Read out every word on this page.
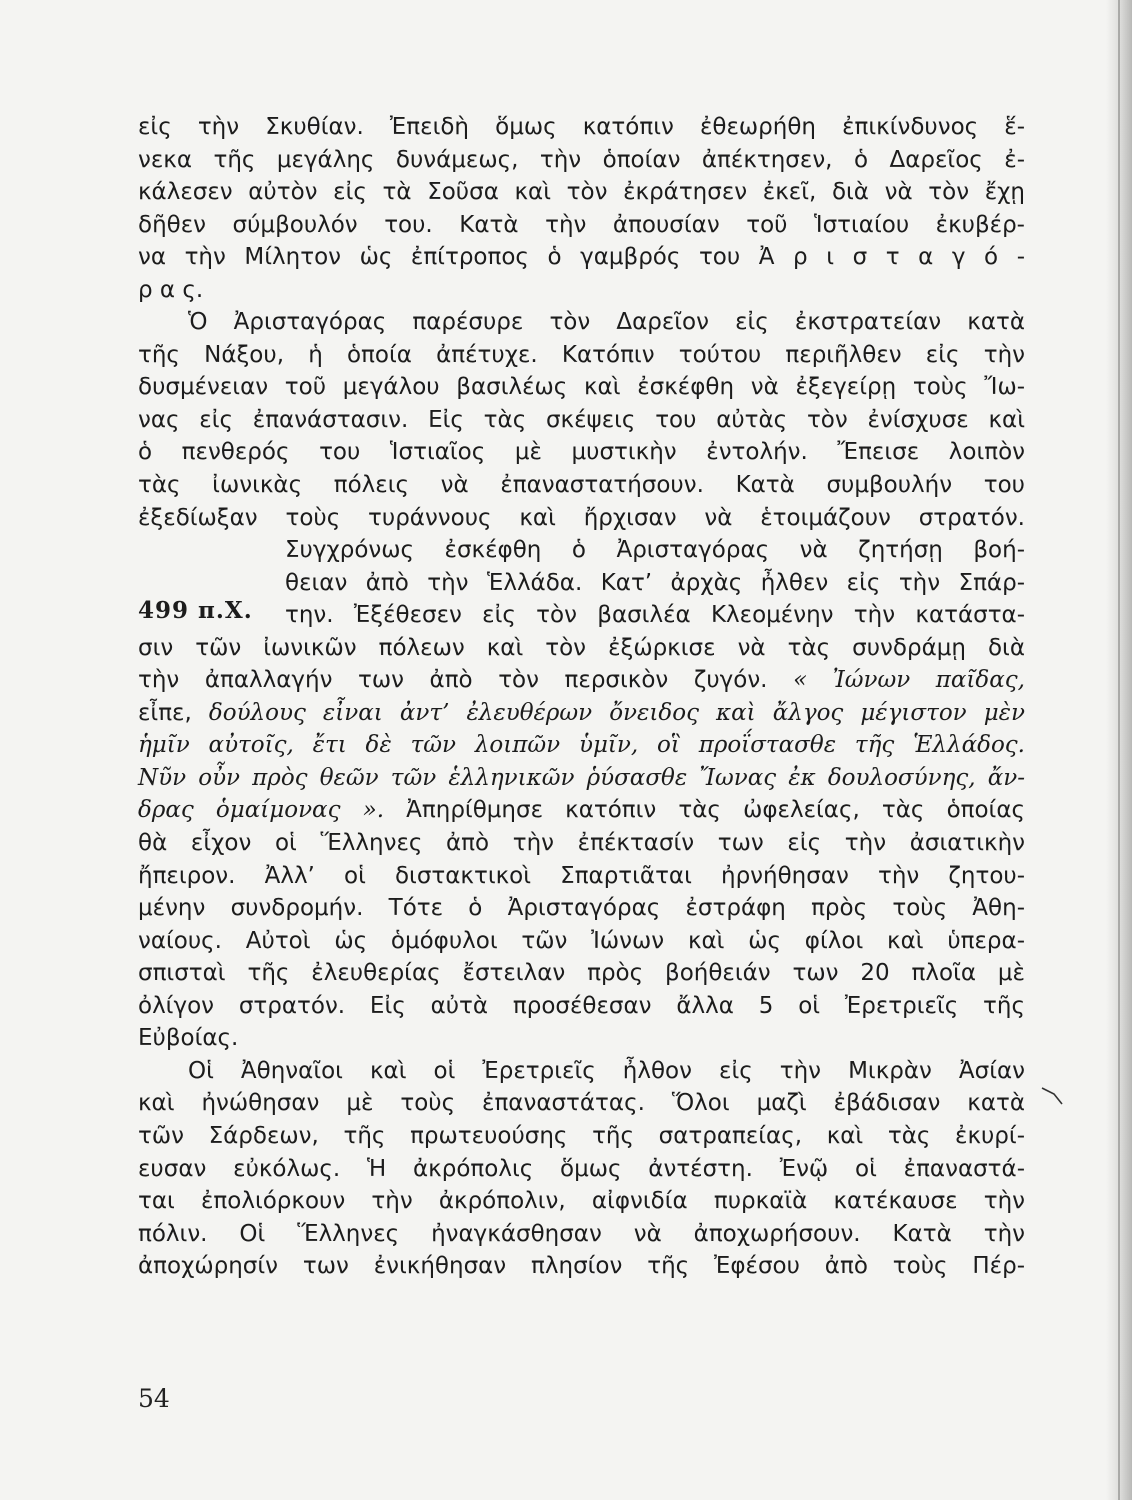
εἰς τὴν Σκυθίαν. Ἐπειδὴ ὅμως κατόπιν ἐθεωρήθη ἐπικίνδυνος ἕ-
νεκα τῆς μεγάλης δυνάμεως, τὴν ὁποίαν ἀπέκτησεν, ὁ Δαρεῖος ἐ-
κάλεσεν αὐτὸν εἰς τὰ Σοῦσα καὶ τὸν ἐκράτησεν ἐκεῖ, διὰ νὰ τὸν ἔχῃ
δῆθεν σύμβουλόν του. Κατὰ τὴν ἀπουσίαν τοῦ Ἱστιαίου ἐκυβέρ-
να τὴν Μίλητον ὡς ἐπίτροπος ὁ γαμβρός του Ἀ ρ ι σ τ α γ ό -
ρ α ς.
Ὁ Ἀρισταγόρας παρέσυρε τὸν Δαρεῖον εἰς ἐκστρατείαν κατὰ
τῆς Νάξου, ἡ ὁποία ἀπέτυχε. Κατόπιν τούτου περιῆλθεν εἰς τὴν
δυσμένειαν τοῦ μεγάλου βασιλέως καὶ ἐσκέφθη νὰ ἐξεγείρῃ τοὺς Ἴω-
νας εἰς ἐπανάστασιν. Εἰς τὰς σκέψεις του αὐτὰς τὸν ἐνίσχυσε καὶ
ὁ πενθερός του Ἱστιαῖος μὲ μυστικὴν ἐντολήν. Ἔπεισε λοιπὸν
τὰς ἰωνικὰς πόλεις νὰ ἐπαναστατήσουν. Κατὰ συμβουλήν του
ἐξεδίωξαν τοὺς τυράννους καὶ ἤρχισαν νὰ ἑτοιμάζουν στρατόν.
Συγχρόνως ἐσκέφθη ὁ Ἀρισταγόρας νὰ ζητήσῃ βοή-
θειαν ἀπὸ τὴν Ἑλλάδα. Κατ’ ἀρχὰς ἦλθεν εἰς τὴν Σπάρ-
την. Ἐξέθεσεν εἰς τὸν βασιλέα Κλεομένην τὴν κατάστα-
σιν τῶν ἰωνικῶν πόλεων καὶ τὸν ἐξώρκισε νὰ τὰς συνδράμῃ διὰ
τὴν ἀπαλλαγήν των ἀπὸ τὸν περσικὸν ζυγόν. « Ἰώνων παῖδας,
εἶπε, δούλους εἶναι ἀντ’ ἐλευθέρων ὄνειδος καὶ ἄλγος μέγιστον μὲν
ἡμῖν αὐτοῖς, ἔτι δὲ τῶν λοιπῶν ὑμῖν, οἳ προΐστασθε τῆς Ἑλλάδος.
Νῦν οὖν πρὸς θεῶν τῶν ἑλληνικῶν ῥύσασθε Ἴωνας ἐκ δουλοσύνης, ἄν-
δρας ὁμαίμονας ». Ἀπηρίθμησε κατόπιν τὰς ὠφελείας, τὰς ὁποίας
θὰ εἶχον οἱ Ἕλληνες ἀπὸ τὴν ἐπέκτασίν των εἰς τὴν ἀσιατικὴν
ἤπειρον. Ἀλλ’ οἱ διστακτικοὶ Σπαρτιᾶται ἠρνήθησαν τὴν ζητου-
μένην συνδρομήν. Τότε ὁ Ἀρισταγόρας ἐστράφη πρὸς τοὺς Ἀθη-
ναίους. Αὐτοὶ ὡς ὁμόφυλοι τῶν Ἰώνων καὶ ὡς φίλοι καὶ ὑπερα-
σπισταὶ τῆς ἐλευθερίας ἔστειλαν πρὸς βοήθειάν των 20 πλοῖα μὲ
ὀλίγον στρατόν. Εἰς αὐτὰ προσέθεσαν ἄλλα 5 οἱ Ἐρετριεῖς τῆς
Εὐβοίας.
Οἱ Ἀθηναῖοι καὶ οἱ Ἐρετριεῖς ἦλθον εἰς τὴν Μικρὰν Ἀσίαν
καὶ ἠνώθησαν μὲ τοὺς ἐπαναστάτας. Ὅλοι μαζὶ ἐβάδισαν κατὰ
τῶν Σάρδεων, τῆς πρωτευούσης τῆς σατραπείας, καὶ τὰς ἐκυρί-
ευσαν εὐκόλως. Ἡ ἀκρόπολις ὅμως ἀντέστη. Ἐνῷ οἱ ἐπαναστά-
ται ἐπολιόρκουν τὴν ἀκρόπολιν, αἰφνιδία πυρκαϊὰ κατέκαυσε τὴν
πόλιν. Οἱ Ἕλληνες ἠναγκάσθησαν νὰ ἀποχωρήσουν. Κατὰ τὴν
ἀποχώρησίν των ἐνικήθησαν πλησίον τῆς Ἐφέσου ἀπὸ τοὺς Πέρ-
499 π.Χ.
54
